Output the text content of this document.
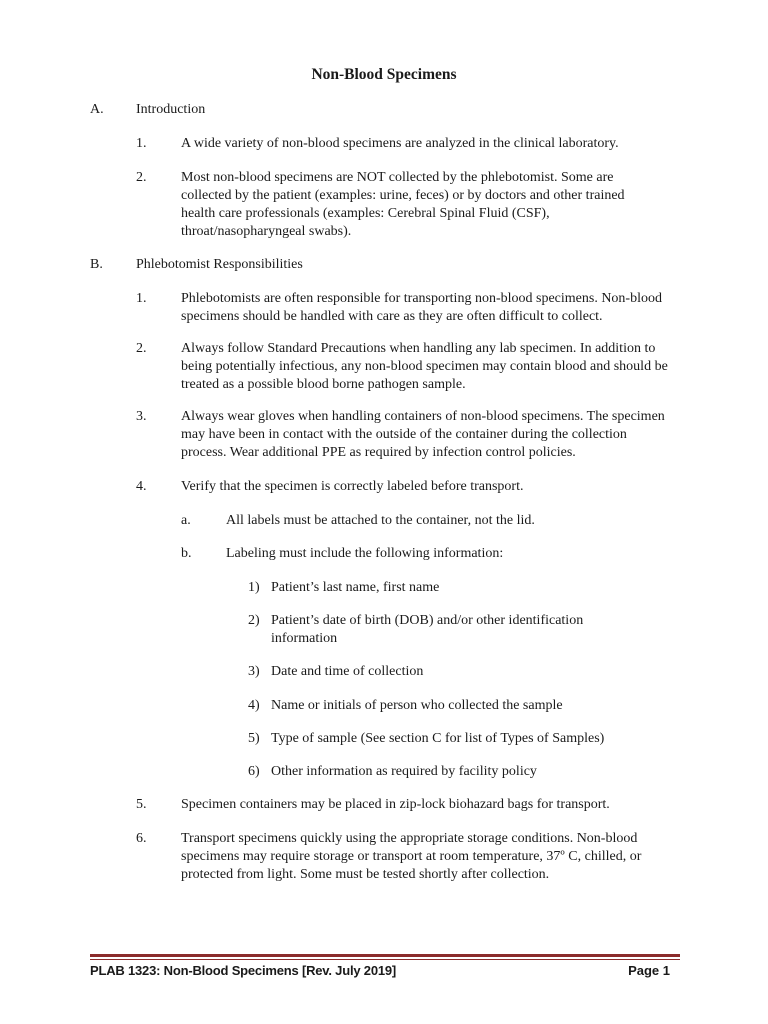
Non-Blood Specimens
A. Introduction
1. A wide variety of non-blood specimens are analyzed in the clinical laboratory.
2. Most non-blood specimens are NOT collected by the phlebotomist. Some are collected by the patient (examples: urine, feces) or by doctors and other trained health care professionals (examples: Cerebral Spinal Fluid (CSF), throat/nasopharyngeal swabs).
B. Phlebotomist Responsibilities
1. Phlebotomists are often responsible for transporting non-blood specimens. Non-blood specimens should be handled with care as they are often difficult to collect.
2. Always follow Standard Precautions when handling any lab specimen. In addition to being potentially infectious, any non-blood specimen may contain blood and should be treated as a possible blood borne pathogen sample.
3. Always wear gloves when handling containers of non-blood specimens. The specimen may have been in contact with the outside of the container during the collection process. Wear additional PPE as required by infection control policies.
4. Verify that the specimen is correctly labeled before transport.
a.	All labels must be attached to the container, not the lid.
b. Labeling must include the following information:
1) Patient’s last name, first name
2) Patient’s date of birth (DOB) and/or other identification information
3) Date and time of collection
4) Name or initials of person who collected the sample
5) Type of sample (See section C for list of Types of Samples)
6) Other information as required by facility policy
5. Specimen containers may be placed in zip-lock biohazard bags for transport.
6. Transport specimens quickly using the appropriate storage conditions. Non-blood specimens may require storage or transport at room temperature, 37º C, chilled, or protected from light. Some must be tested shortly after collection.
PLAB 1323: Non-Blood Specimens [Rev. July 2019]	Page 1
